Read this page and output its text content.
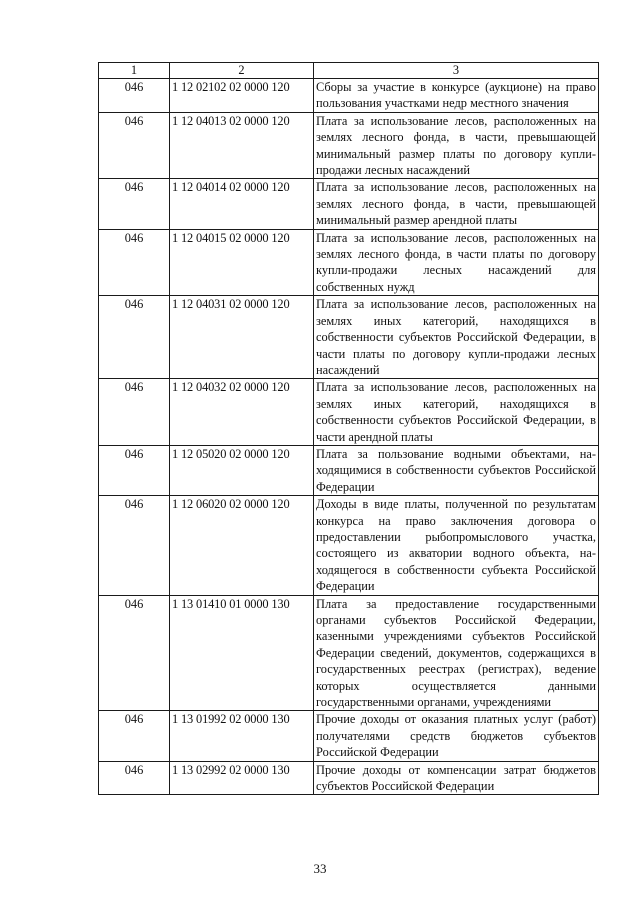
1	2	3
046	1 12 02102 02 0000 120	Сборы за участие в конкурсе (аукционе) на право пользования участками недр местного значения
046	1 12 04013 02 0000 120	Плата за использование лесов, расположенных на землях лесного фонда, в части, превышающей минимальный размер платы по договору купли-продажи лесных насаждений
046	1 12 04014 02 0000 120	Плата за использование лесов, расположенных на землях лесного фонда, в части, превышающей минимальный размер арендной платы
046	1 12 04015 02 0000 120	Плата за использование лесов, расположенных на землях лесного фонда, в части платы по договору купли-продажи лесных насаждений для собственных нужд
046	1 12 04031 02 0000 120	Плата за использование лесов, расположенных на землях иных категорий, находящихся в собственности субъектов Российской Федерации, в части платы по договору купли-продажи лесных насаждений
046	1 12 04032 02 0000 120	Плата за использование лесов, расположенных на землях иных категорий, находящихся в собственности субъектов Российской Федерации, в части арендной платы
046	1 12 05020 02 0000 120	Плата за пользование водными объектами, находящимися в собственности субъектов Российской Федерации
046	1 12 06020 02 0000 120	Доходы в виде платы, полученной по результатам конкурса на право заключения договора о предоставлении рыбопромыслового участка, состоящего из акватории водного объекта, находящегося в собственности субъекта Российской Федерации
046	1 13 01410 01 0000 130	Плата за предоставление государственными органами субъектов Российской Федерации, казенными учреждениями субъектов Российской Федерации сведений, документов, содержащихся в государственных реестрах (регистрах), ведение которых осуществляется данными государственными органами, учреждениями
046	1 13 01992 02 0000 130	Прочие доходы от оказания платных услуг (работ) получателями средств бюджетов субъектов Российской Федерации
046	1 13 02992 02 0000 130	Прочие доходы от компенсации затрат бюджетов субъектов Российской Федерации
33
